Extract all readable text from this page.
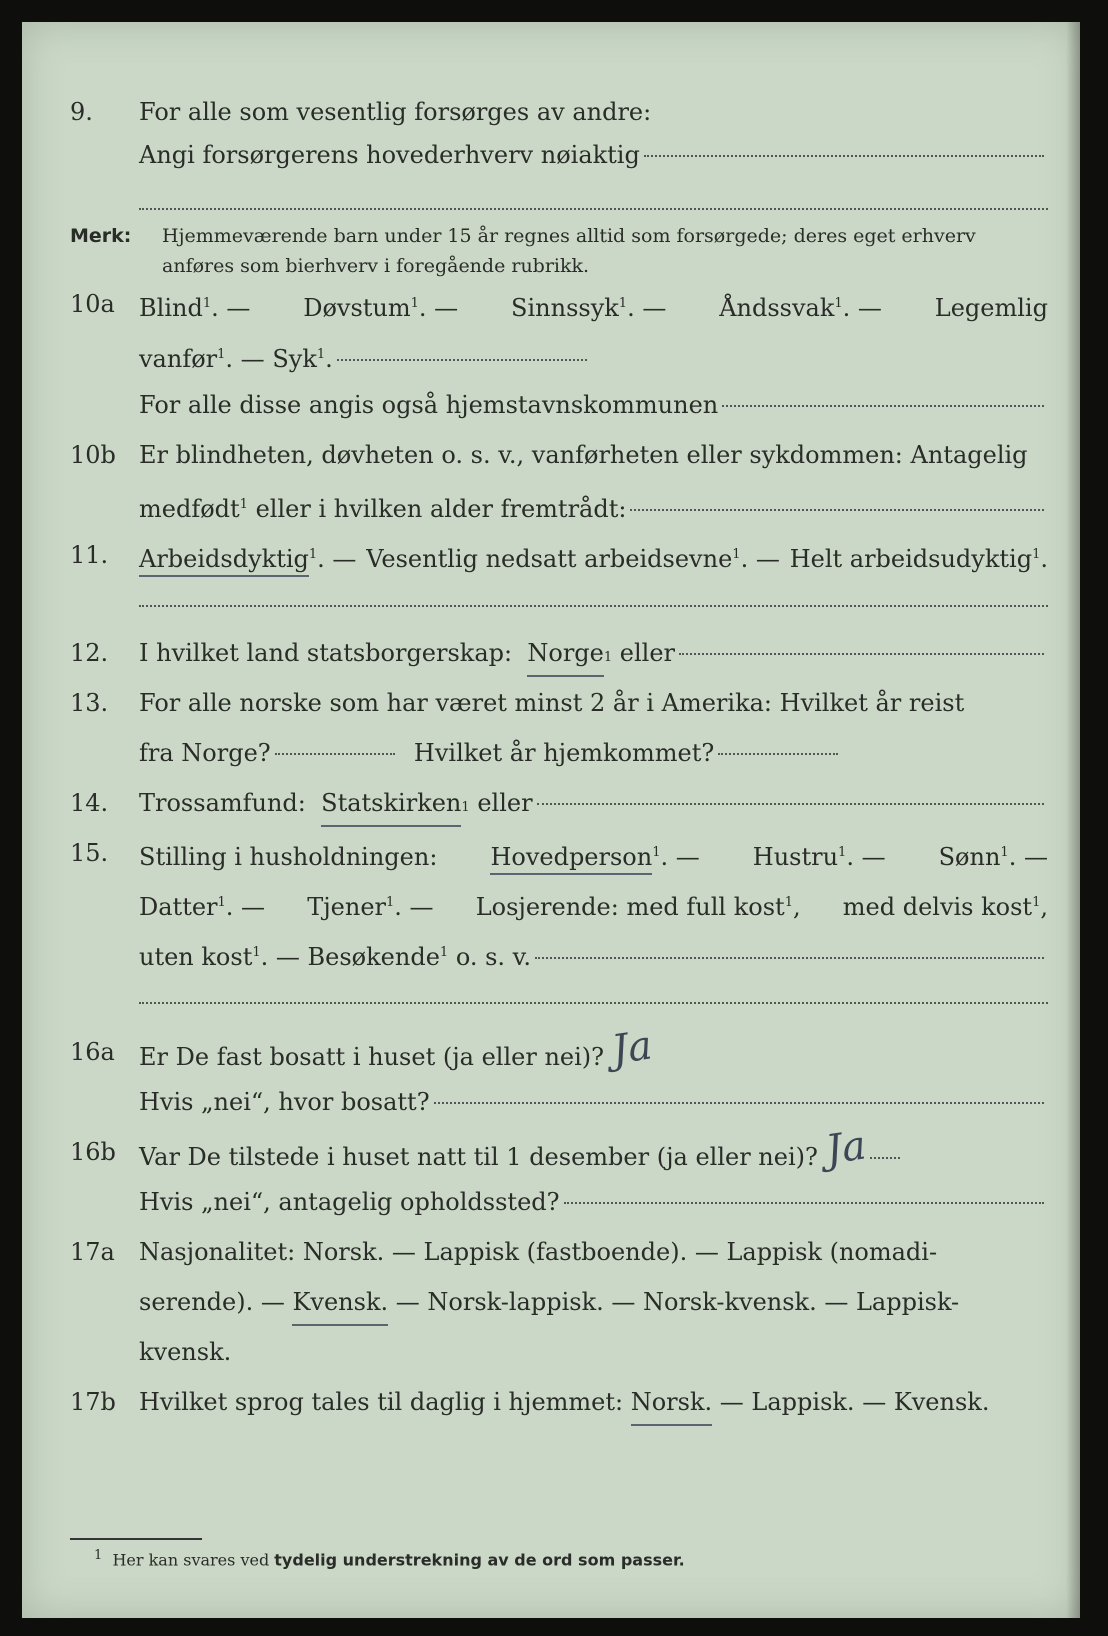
9. For alle som vesentlig forsørges av andre:
Angi forsørgerens hovederhverv nøiaktig
Merk: Hjemmeværende barn under 15 år regnes alltid som forsørgede; deres eget erhverv anføres som bierhverv i foregående rubrikk.
10a Blind$^1$. — Døvstum$^1$. — Sinnssyk$^1$. — Åndssvak$^1$. — Legemlig
vanfør$^1$. — Syk$^1$.
For alle disse angis også hjemstavnskommunen
10b Er blindheten, døvheten o. s. v., vanførheten eller sykdommen: Antagelig
medfødt$^1$ eller i hvilken alder fremtrådt:
11. Arbeidsdyktig$^1$. — Vesentlig nedsatt arbeidsevne$^1$. — Helt arbeidsudyktig$^1$.
12. I hvilket land statsborgerskap:
Norge 1
eller
13. For alle norske som har været minst 2 år i Amerika: Hvilket år reist
fra Norge?
	Hvilket år hjemkommet?
14. Trossamfund:
Statskirken 1
eller
15. Stilling i husholdningen: Hovedperson$^1$. — Hustru$^1$. — Sønn$^1$. —
Datter$^1$. — Tjener$^1$. — Losjerende: med full kost$^1$, med delvis kost$^1$,
uten kost$^1$. — Besøkende$^1$ o. s. v.
16a Er De fast bosatt i huset (ja eller nei)? Ja
Hvis „nei“, hvor bosatt?
16b Var De tilstede i huset natt til 1 desember (ja eller nei)? Ja
Hvis „nei“, antagelig opholdssted?
17a Nasjonalitet: Norsk. — Lappisk (fastboende). — Lappisk (nomadi-
serende). —
Kvensk.
— Norsk-lappisk. — Norsk-kvensk. — Lappisk-
kvensk.
17b Hvilket sprog tales til daglig i hjemmet:
Norsk.
— Lappisk. — Kvensk.
$^1$ Her kan svares ved tydelig understrekning av de ord som passer.
